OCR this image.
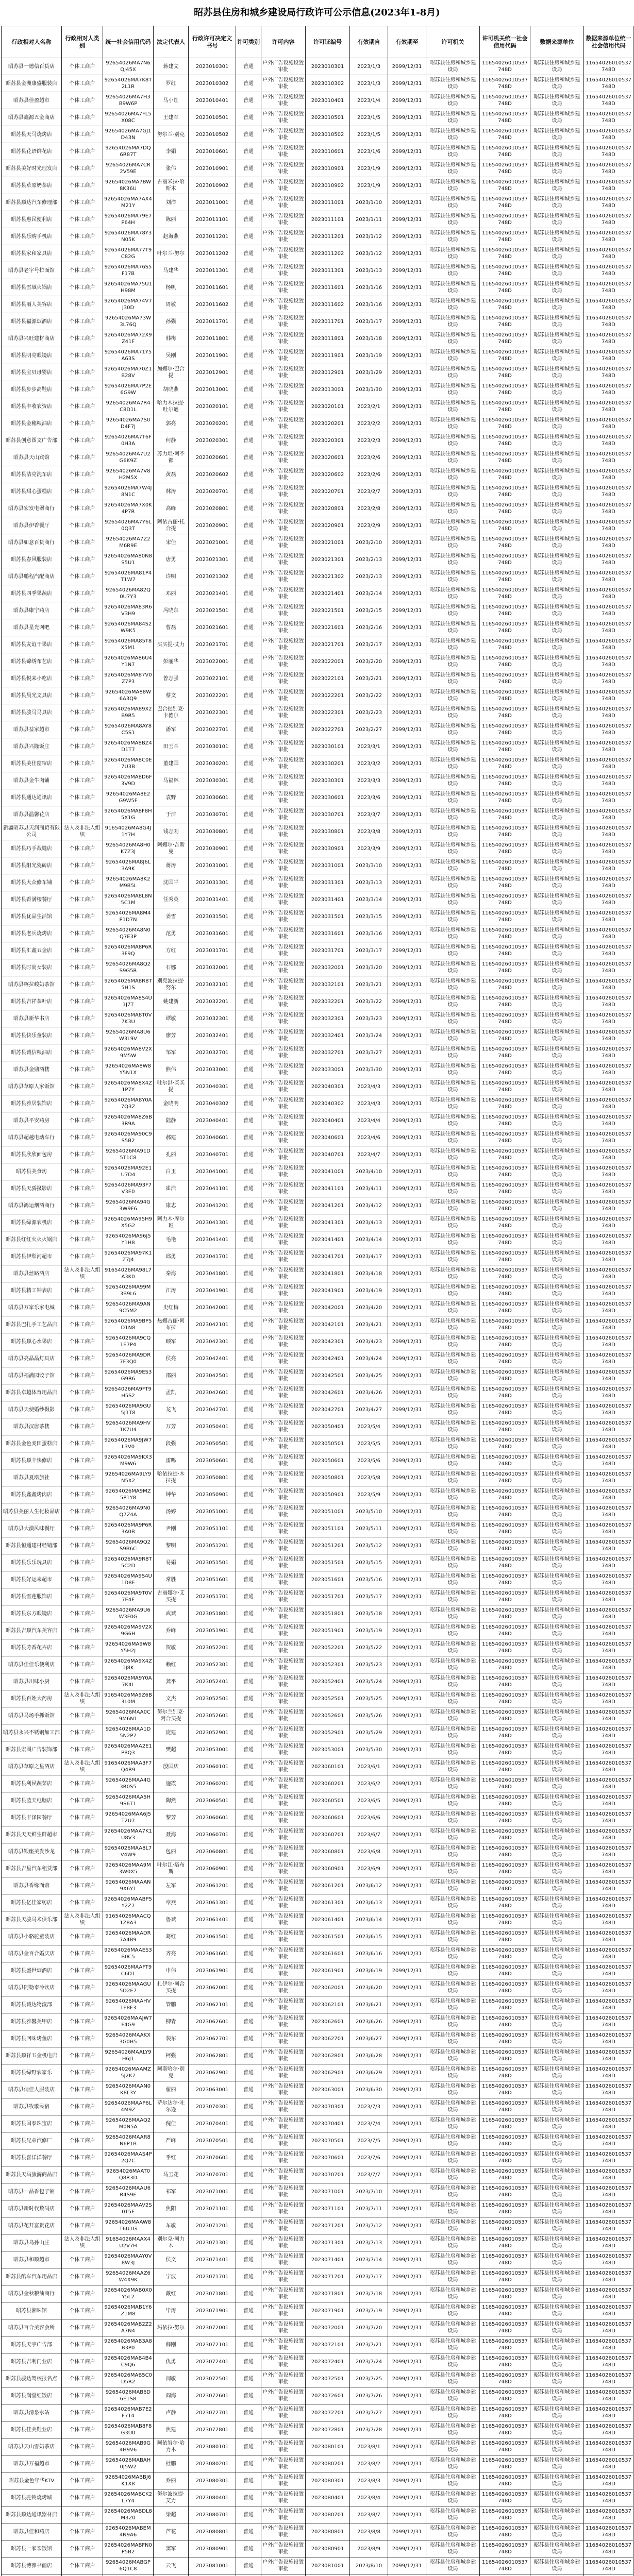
昭苏县住房和城乡建设局行政许可公示信息(2023年1-8月)
行政相对人名称	行政相对人类别	统一社会信用代码	法定代表人	行政许可决定文书号	许可类别	许可内容	许可证编号	有效期自	有效期至	许可机关	许可机关统一社会信用代码	数据来源单位	数据来源单位统一社会信用代码

昭苏县一德信百货店	个体工商户	92654026MA7N6QJ45X	蒋建文	2023010301	普通	户外广告设施设置审批	2023010301	2023/1/3	2099/12/31	昭苏县住房和城乡建设局	11654026010537748D	昭苏县住房和城乡建设局	11654026010537748D

昭苏县金洲康盛服装店	个体工商户	92654026MA7K8T2L1R	罗红	2023010302	普通	户外广告设施设置审批	2023010302	2023/1/3	2099/12/31	昭苏县住房和城乡建设局	11654026010537748D	昭苏县住房和城乡建设局	11654026010537748D

昭苏县佳盈超市	个体工商户	92654026MA7H3B9W6P	马小红	2023010401	普通	户外广告设施设置审批	2023010401	2023/1/4	2099/12/31	昭苏县住房和城乡建设局	11654026010537748D	昭苏县住房和城乡建设局	11654026010537748D

昭苏县鑫源五金商店	个体工商户	92654026MA7FL5X08C	王建军	2023010501	普通	户外广告设施设置审批	2023010501	2023/1/5	2099/12/31	昭苏县住房和城乡建设局	11654026010537748D	昭苏县住房和城乡建设局	11654026010537748D

昭苏县天马烧烤店	个体工商户	92654026MA7GJ1D43N	努尔兰·别克	2023010502	普通	户外广告设施设置审批	2023010502	2023/1/5	2099/12/31	昭苏县住房和城乡建设局	11654026010537748D	昭苏县住房和城乡建设局	11654026010537748D

昭苏县花语鲜花店	个体工商户	92654026MA7DQ6R87T	李娟	2023010601	普通	户外广告设施设置审批	2023010601	2023/1/6	2099/12/31	昭苏县住房和城乡建设局	11654026010537748D	昭苏县住房和城乡建设局	11654026010537748D

昭苏县美好时光理发店	个体工商户	92654026MA7CR2V59E	张伟	2023010901	普通	户外广告设施设置审批	2023010901	2023/1/9	2099/12/31	昭苏县住房和城乡建设局	11654026010537748D	昭苏县住房和城乡建设局	11654026010537748D

昭苏县草原奶茶店	个体工商户	92654026MA7BW8K36U	古丽米拉·哈斯木	2023010902	普通	户外广告设施设置审批	2023010902	2023/1/9	2099/12/31	昭苏县住房和城乡建设局	11654026010537748D	昭苏县住房和城乡建设局	11654026010537748D

昭苏县顺达汽车修理部	个体工商户	92654026MA7AX4M21Y	刘洋	2023011001	普通	户外广告设施设置审批	2023011001	2023/1/10	2099/12/31	昭苏县住房和城乡建设局	11654026010537748D	昭苏县住房和城乡建设局	11654026010537748D

昭苏县惠民便利店	个体工商户	92654026MA79E7P64H	陈丽	2023011101	普通	户外广告设施设置审批	2023011101	2023/1/11	2099/12/31	昭苏县住房和城乡建设局	11654026010537748D	昭苏县住房和城乡建设局	11654026010537748D

昭苏县乐购手机店	个体工商户	92654026MA78Y3N05K	赵海燕	2023011201	普通	户外广告设施设置审批	2023011201	2023/1/12	2099/12/31	昭苏县住房和城乡建设局	11654026010537748D	昭苏县住房和城乡建设局	11654026010537748D

昭苏县家和家具店	个体工商户	92654026MA77T9C82G	叶尔兰·努尔	2023011202	普通	户外广告设施设置审批	2023011202	2023/1/12	2099/12/31	昭苏县住房和城乡建设局	11654026010537748D	昭苏县住房和城乡建设局	11654026010537748D

昭苏县老字号拉面馆	个体工商户	92654026MA76S5F17B	马建华	2023011301	普通	户外广告设施设置审批	2023011301	2023/1/13	2099/12/31	昭苏县住房和城乡建设局	11654026010537748D	昭苏县住房和城乡建设局	11654026010537748D

昭苏县雪域火锅店	个体工商户	92654026MA75U1H98M	杨帆	2023011601	普通	户外广告设施设置审批	2023011601	2023/1/16	2099/12/31	昭苏县住房和城乡建设局	11654026010537748D	昭苏县住房和城乡建设局	11654026010537748D

昭苏县丽人美容店	个体工商户	92654026MA74V7J30D	周敏	2023011602	普通	户外广告设施设置审批	2023011602	2023/1/16	2099/12/31	昭苏县住房和城乡建设局	11654026010537748D	昭苏县住房和城乡建设局	11654026010537748D

昭苏县福源烟酒店	个体工商户	92654026MA73W3L76Q	孙强	2023011701	普通	户外广告设施设置审批	2023011701	2023/1/17	2099/12/31	昭苏县住房和城乡建设局	11654026010537748D	昭苏县住房和城乡建设局	11654026010537748D

昭苏县兴旺建材商店	个体工商户	92654026MA72X9Z41F	韩梅	2023011801	普通	户外广告设施设置审批	2023011801	2023/1/18	2099/12/31	昭苏县住房和城乡建设局	11654026010537748D	昭苏县住房和城乡建设局	11654026010537748D

昭苏县明亮眼镜店	个体工商户	92654026MA71Y5A63S	吴刚	2023011901	普通	户外广告设施设置审批	2023011901	2023/1/19	2099/12/31	昭苏县住房和城乡建设局	11654026010537748D	昭苏县住房和城乡建设局	11654026010537748D

昭苏县宝贝母婴店	个体工商户	92654026MA70Z1B28V	加娜尔·巴合提	2023012901	普通	户外广告设施设置审批	2023012901	2023/1/29	2099/12/31	昭苏县住房和城乡建设局	11654026010537748D	昭苏县住房和城乡建设局	11654026010537748D

昭苏县步步高鞋店	个体工商户	92654026MA7P2E6G9W	胡晓燕	2023013001	普通	户外广告设施设置审批	2023013001	2023/1/30	2099/12/31	昭苏县住房和城乡建设局	11654026010537748D	昭苏县住房和城乡建设局	11654026010537748D

昭苏县丰收农资店	个体工商户	92654026MA7R4C8D1L	哈力木拉提·吐尔逊	2023020101	普通	户外广告设施设置审批	2023020101	2023/2/1	2099/12/31	昭苏县住房和城乡建设局	11654026010537748D	昭苏县住房和城乡建设局	11654026010537748D

昭苏县金穗粮油店	个体工商户	92654026MA7S0D4F7J	郭亮	2023020201	普通	户外广告设施设置审批	2023020201	2023/2/2	2099/12/31	昭苏县住房和城乡建设局	11654026010537748D	昭苏县住房和城乡建设局	11654026010537748D

昭苏县创意图文广告部	个体工商户	92654026MA7T6F0H3A	何静	2023020301	普通	户外广告设施设置审批	2023020301	2023/2/3	2099/12/31	昭苏县住房和城乡建设局	11654026010537748D	昭苏县住房和城乡建设局	11654026010537748D

昭苏县天山宾馆	个体工商户	92654026MA7U2G6K9Z	苏力坦·阿不都	2023020601	普通	户外广告设施设置审批	2023020601	2023/2/6	2099/12/31	昭苏县住房和城乡建设局	11654026010537748D	昭苏县住房和城乡建设局	11654026010537748D

昭苏县洁亮洗车店	个体工商户	92654026MA7V8H2M5X	黄磊	2023020602	普通	户外广告设施设置审批	2023020602	2023/2/6	2099/12/31	昭苏县住房和城乡建设局	11654026010537748D	昭苏县住房和城乡建设局	11654026010537748D

昭苏县甜心蛋糕店	个体工商户	92654026MA7W4J8N1C	林涛	2023020701	普通	户外广告设施设置审批	2023020701	2023/2/7	2099/12/31	昭苏县住房和城乡建设局	11654026010537748D	昭苏县住房和城乡建设局	11654026010537748D

昭苏县宏发电器商行	个体工商户	92654026MA7X0K4P7R	高峰	2023020801	普通	户外广告设施设置审批	2023020801	2023/2/8	2099/12/31	昭苏县住房和城乡建设局	11654026010537748D	昭苏县住房和城乡建设局	11654026010537748D

昭苏县伊香餐厅	个体工商户	92654026MA7Y6L0Q3T	阿依古丽·托合提	2023020901	普通	户外广告设施设置审批	2023020901	2023/2/9	2099/12/31	昭苏县住房和城乡建设局	11654026010537748D	昭苏县住房和城乡建设局	11654026010537748D

昭苏县如意百货商行	个体工商户	92654026MA7Z2M6R9E	宋佳	2023021001	普通	户外广告设施设置审批	2023021001	2023/2/10	2099/12/31	昭苏县住房和城乡建设局	11654026010537748D	昭苏县住房和城乡建设局	11654026010537748D

昭苏县春风服装店	个体工商户	92654026MA80N8S5U1	唐勇	2023021301	普通	户外广告设施设置审批	2023021301	2023/2/13	2099/12/31	昭苏县住房和城乡建设局	11654026010537748D	昭苏县住房和城乡建设局	11654026010537748D

昭苏县鹏程汽配商店	个体工商户	92654026MA81P4T1W7	许明	2023021302	普通	户外广告设施设置审批	2023021302	2023/2/13	2099/12/31	昭苏县住房和城乡建设局	11654026010537748D	昭苏县住房和城乡建设局	11654026010537748D

昭苏县四季果蔬店	个体工商户	92654026MA82Q0U7Y3	邓丽	2023021401	普通	户外广告设施设置审批	2023021401	2023/2/14	2099/12/31	昭苏县住房和城乡建设局	11654026010537748D	昭苏县住房和城乡建设局	11654026010537748D

昭苏县康宁药店	个体工商户	92654026MA83R6V3H9	冯晓东	2023021501	普通	户外广告设施设置审批	2023021501	2023/2/15	2099/12/31	昭苏县住房和城乡建设局	11654026010537748D	昭苏县住房和城乡建设局	11654026010537748D

昭苏县星光网吧	个体工商户	92654026MA84S2W9K5	曹磊	2023021601	普通	户外广告设施设置审批	2023021601	2023/2/16	2099/12/31	昭苏县住房和城乡建设局	11654026010537748D	昭苏县住房和城乡建设局	11654026010537748D

昭苏县友谊干果店	个体工商户	92654026MA85T8X5M1	买买提·艾力	2023021701	普通	户外广告设施设置审批	2023021701	2023/2/17	2099/12/31	昭苏县住房和城乡建设局	11654026010537748D	昭苏县住房和城乡建设局	11654026010537748D

昭苏县锦绣布艺店	个体工商户	92654026MA86U4Y1N7	彭丽华	2023022001	普通	户外广告设施设置审批	2023022001	2023/2/20	2099/12/31	昭苏县住房和城乡建设局	11654026010537748D	昭苏县住房和城乡建设局	11654026010537748D

昭苏县悦来小吃店	个体工商户	92654026MA87V0Z7P3	曾志强	2023022101	普通	户外广告设施设置审批	2023022101	2023/2/21	2099/12/31	昭苏县住房和城乡建设局	11654026010537748D	昭苏县住房和城乡建设局	11654026010537748D

昭苏县晨光文具店	个体工商户	92654026MA88W6A3Q9	蔡文	2023022201	普通	户外广告设施设置审批	2023022201	2023/2/22	2099/12/31	昭苏县住房和城乡建设局	11654026010537748D	昭苏县住房和城乡建设局	11654026010537748D

昭苏县骏马马具店	个体工商户	92654026MA89X2B9R5	巴合提别克·卡德尔	2023022301	普通	户外广告设施设置审批	2023022301	2023/2/23	2099/12/31	昭苏县住房和城乡建设局	11654026010537748D	昭苏县住房和城乡建设局	11654026010537748D

昭苏县益家超市	个体工商户	92654026MA8AY8C5S1	潘军	2023022701	普通	户外广告设施设置审批	2023022701	2023/2/27	2099/12/31	昭苏县住房和城乡建设局	11654026010537748D	昭苏县住房和城乡建设局	11654026010537748D

昭苏县兴隆饭庄	个体工商户	92654026MA8BZ4D1T7	田玉兰	2023030101	普通	户外广告设施设置审批	2023030101	2023/3/1	2099/12/31	昭苏县住房和城乡建设局	11654026010537748D	昭苏县住房和城乡建设局	11654026010537748D

昭苏县美佳窗帘店	个体工商户	92654026MA8C0E7U3B	董建国	2023030201	普通	户外广告设施设置审批	2023030201	2023/3/2	2099/12/31	昭苏县住房和城乡建设局	11654026010537748D	昭苏县住房和城乡建设局	11654026010537748D

昭苏县金牛肉铺	个体工商户	92654026MA8D6F3V9D	马福林	2023030301	普通	户外广告设施设置审批	2023030301	2023/3/3	2099/12/31	昭苏县住房和城乡建设局	11654026010537748D	昭苏县住房和城乡建设局	11654026010537748D

昭苏县通达通讯店	个体工商户	92654026MA8E2G9W5F	袁野	2023030601	普通	户外广告设施设置审批	2023030601	2023/3/6	2099/12/31	昭苏县住房和城乡建设局	11654026010537748D	昭苏县住房和城乡建设局	11654026010537748D

昭苏县温馨花店	个体工商户	92654026MA8F8H5X1G	于洁	2023030701	普通	户外广告设施设置审批	2023030701	2023/3/7	2099/12/31	昭苏县住房和城乡建设局	11654026010537748D	昭苏县住房和城乡建设局	11654026010537748D

新疆昭苏县天润商贸有限公司	法人及非法人组织	91654026MA8G4J1Y7H	钱志刚	2023030801	普通	户外广告设施设置审批	2023030801	2023/3/8	2099/12/31	昭苏县住房和城乡建设局	11654026010537748D	昭苏县住房和城乡建设局	11654026010537748D

昭苏县巧手裁缝店	个体工商户	92654026MA8H0K7Z3J	阿娜尔·吾斯曼	2023030901	普通	户外广告设施设置审批	2023030901	2023/3/9	2099/12/31	昭苏县住房和城乡建设局	11654026010537748D	昭苏县住房和城乡建设局	11654026010537748D

昭苏县阳光瓷砖店	个体工商户	92654026MA8J6L3A9K	蒋涛	2023031001	普通	户外广告设施设置审批	2023031001	2023/3/10	2099/12/31	昭苏县住房和城乡建设局	11654026010537748D	昭苏县住房和城乡建设局	11654026010537748D

昭苏县大众修车铺	个体工商户	92654026MA8K2M9B5L	沈国平	2023031301	普通	户外广告设施设置审批	2023031301	2023/3/13	2099/12/31	昭苏县住房和城乡建设局	11654026010537748D	昭苏县住房和城乡建设局	11654026010537748D

昭苏县香满楼餐厅	个体工商户	92654026MA8L8N5C1M	任秀英	2023031401	普通	户外广告设施设置审批	2023031401	2023/3/14	2099/12/31	昭苏县住房和城乡建设局	11654026010537748D	昭苏县住房和城乡建设局	11654026010537748D

昭苏县优品生活馆	个体工商户	92654026MA8M4P1D7N	姜雪	2023031501	普通	户外广告设施设置审批	2023031501	2023/3/15	2099/12/31	昭苏县住房和城乡建设局	11654026010537748D	昭苏县住房和城乡建设局	11654026010537748D

昭苏县老兵烧烤店	个体工商户	92654026MA8N0Q7E3P	范勇	2023031601	普通	户外广告设施设置审批	2023031601	2023/3/16	2099/12/31	昭苏县住房和城乡建设局	11654026010537748D	昭苏县住房和城乡建设局	11654026010537748D

昭苏县汇鑫五金店	个体工商户	92654026MA8P6R3F9Q	方红	2023031701	普通	户外广告设施设置审批	2023031701	2023/3/17	2099/12/31	昭苏县住房和城乡建设局	11654026010537748D	昭苏县住房和城乡建设局	11654026010537748D

昭苏县时尚女装店	个体工商户	92654026MA8Q2S9G5R	石娜	2023032001	普通	户外广告设施设置审批	2023032001	2023/3/20	2099/12/31	昭苏县住房和城乡建设局	11654026010537748D	昭苏县住房和城乡建设局	11654026010537748D

昭苏县喀拉峻奶茶馆	个体工商户	92654026MA8R8T5H1S	别克波拉提·努尔	2023032101	普通	户外广告设施设置审批	2023032101	2023/3/21	2099/12/31	昭苏县住房和城乡建设局	11654026010537748D	昭苏县住房和城乡建设局	11654026010537748D

昭苏县吉祥茶叶店	个体工商户	92654026MA8S4U1J7T	姚建新	2023032201	普通	户外广告设施设置审批	2023032201	2023/3/22	2099/12/31	昭苏县住房和城乡建设局	11654026010537748D	昭苏县住房和城乡建设局	11654026010537748D

昭苏县新华书店	个体工商户	92654026MA8T0V7K3U	谭敏	2023032301	普通	户外广告设施设置审批	2023032301	2023/3/23	2099/12/31	昭苏县住房和城乡建设局	11654026010537748D	昭苏县住房和城乡建设局	11654026010537748D

昭苏县快乐童装店	个体工商户	92654026MA8U6W3L9V	廖芳	2023032401	普通	户外广告设施设置审批	2023032401	2023/3/24	2099/12/31	昭苏县住房和城乡建设局	11654026010537748D	昭苏县住房和城乡建设局	11654026010537748D

昭苏县诚信粮油店	个体工商户	92654026MA8V2X9M5W	邹军	2023032701	普通	户外广告设施设置审批	2023032701	2023/3/27	2099/12/31	昭苏县住房和城乡建设局	11654026010537748D	昭苏县住房和城乡建设局	11654026010537748D

昭苏县金鼎酒楼	个体工商户	92654026MA8W8Y5N1X	熊伟	2023033001	普通	户外广告设施设置审批	2023033001	2023/3/30	2099/12/31	昭苏县住房和城乡建设局	11654026010537748D	昭苏县住房和城乡建设局	11654026010537748D

昭苏县草原人家饭馆	个体工商户	92654026MA8X4Z1P7Y	吐尔洪·买买提	2023040301	普通	户外广告设施设置审批	2023040301	2023/4/3	2099/12/31	昭苏县住房和城乡建设局	11654026010537748D	昭苏县住房和城乡建设局	11654026010537748D

昭苏县雅居装饰店	个体工商户	92654026MA8Y0A7Q3Z	金晓明	2023040302	普通	户外广告设施设置审批	2023040302	2023/4/3	2099/12/31	昭苏县住房和城乡建设局	11654026010537748D	昭苏县住房和城乡建设局	11654026010537748D

昭苏县平安药房	个体工商户	92654026MA8Z6B3R9A	陆静	2023040401	普通	户外广告设施设置审批	2023040401	2023/4/4	2099/12/31	昭苏县住房和城乡建设局	11654026010537748D	昭苏县住房和城乡建设局	11654026010537748D

昭苏县超越电动车行	个体工商户	92654026MA90C9S5B2	郝建	2023040601	普通	户外广告设施设置审批	2023040601	2023/4/6	2099/12/31	昭苏县住房和城乡建设局	11654026010537748D	昭苏县住房和城乡建设局	11654026010537748D

昭苏县欣欣面包房	个体工商户	92654026MA91D5T1C8	孔丽	2023040701	普通	户外广告设施设置审批	2023040701	2023/4/7	2099/12/31	昭苏县住房和城乡建设局	11654026010537748D	昭苏县住房和城乡建设局	11654026010537748D

昭苏县美食坊	个体工商户	92654026MA92E1U7D4	白玉	2023041001	普通	户外广告设施设置审批	2023041001	2023/4/10	2099/12/31	昭苏县住房和城乡建设局	11654026010537748D	昭苏县住房和城乡建设局	11654026010537748D

昭苏县天骄摄影店	个体工商户	92654026MA93F7V3E0	崔浩	2023041101	普通	户外广告设施设置审批	2023041101	2023/4/11	2099/12/31	昭苏县住房和城乡建设局	11654026010537748D	昭苏县住房和城乡建设局	11654026010537748D

昭苏县鸿运烟酒商行	个体工商户	92654026MA94G3W9F6	康志	2023041201	普通	户外广告设施设置审批	2023041201	2023/4/12	2099/12/31	昭苏县住房和城乡建设局	11654026010537748D	昭苏县住房和城乡建设局	11654026010537748D

昭苏县绿源农机店	个体工商户	92654026MA95H9X5G2	阿力木·库尔班	2023041301	普通	户外广告设施设置审批	2023041301	2023/4/13	2099/12/31	昭苏县住房和城乡建设局	11654026010537748D	昭苏县住房和城乡建设局	11654026010537748D

昭苏县红红火火火锅店	个体工商户	92654026MA96J5Y1H8	毛艳	2023041401	普通	户外广告设施设置审批	2023041401	2023/4/14	2099/12/31	昭苏县住房和城乡建设局	11654026010537748D	昭苏县住房和城乡建设局	11654026010537748D

昭苏县伊犁河超市	个体工商户	92654026MA97K1Z7J4	邱勇	2023041701	普通	户外广告设施设置审批	2023041701	2023/4/17	2099/12/31	昭苏县住房和城乡建设局	11654026010537748D	昭苏县住房和城乡建设局	11654026010537748D

昭苏县丝路酒店	法人及非法人组织	91654026MA98L7A3K0	秦海	2023041801	普通	户外广告设施设置审批	2023041801	2023/4/18	2099/12/31	昭苏县住房和城乡建设局	11654026010537748D	昭苏县住房和城乡建设局	11654026010537748D

昭苏县精工钟表店	个体工商户	92654026MA99M3B9L6	江涛	2023041901	普通	户外广告设施设置审批	2023041901	2023/4/19	2099/12/31	昭苏县住房和城乡建设局	11654026010537748D	昭苏县住房和城乡建设局	11654026010537748D

昭苏县万家乐家电城	个体工商户	92654026MA9AN9C5M2	史红梅	2023042001	普通	户外广告设施设置审批	2023042001	2023/4/20	2099/12/31	昭苏县住房和城乡建设局	11654026010537748D	昭苏县住房和城乡建设局	11654026010537748D

昭苏县巴扎手工艺品店	个体工商户	92654026MA9BP5D1N8	热娜古丽·阿布拉	2023042101	普通	户外广告设施设置审批	2023042101	2023/4/21	2099/12/31	昭苏县住房和城乡建设局	11654026010537748D	昭苏县住房和城乡建设局	11654026010537748D

昭苏县顺心水果店	个体工商户	92654026MA9CQ1E7P4	顾军	2023042301	普通	户外广告设施设置审批	2023042301	2023/4/23	2099/12/31	昭苏县住房和城乡建设局	11654026010537748D	昭苏县住房和城乡建设局	11654026010537748D

昭苏县亮晶晶灯具店	个体工商户	92654026MA9DR7F3Q0	侯亮	2023042401	普通	户外广告设施设置审批	2023042401	2023/4/24	2099/12/31	昭苏县住房和城乡建设局	11654026010537748D	昭苏县住房和城乡建设局	11654026010537748D

昭苏县福满园饺子馆	个体工商户	92654026MA9ES3G9R6	邵丽	2023042501	普通	户外广告设施设置审批	2023042501	2023/4/25	2099/12/31	昭苏县住房和城乡建设局	11654026010537748D	昭苏县住房和城乡建设局	11654026010537748D

昭苏县卓越体育用品店	个体工商户	92654026MA9FT9H5S2	孟凯	2023042601	普通	户外广告设施设置审批	2023042601	2023/4/26	2099/12/31	昭苏县住房和城乡建设局	11654026010537748D	昭苏县住房和城乡建设局	11654026010537748D

昭苏县天使婚纱摄影	个体工商户	92654026MA9GU5J1T8	龙飞	2023042701	普通	户外广告设施设置审批	2023042701	2023/4/27	2099/12/31	昭苏县住房和城乡建设局	11654026010537748D	昭苏县住房和城乡建设局	11654026010537748D

昭苏县汉唐茶楼	个体工商户	92654026MA9HV1K7U4	万芳	2023050401	普通	户外广告设施设置审批	2023050401	2023/5/4	2099/12/31	昭苏县住房和城乡建设局	11654026010537748D	昭苏县住房和城乡建设局	11654026010537748D

昭苏县金色麦田蛋糕店	个体工商户	92654026MA9JW7L3V0	段强	2023050501	普通	户外广告设施设置审批	2023050501	2023/5/5	2099/12/31	昭苏县住房和城乡建设局	11654026010537748D	昭苏县住房和城乡建设局	11654026010537748D

昭苏县顺丰快修店	个体工商户	92654026MA9KX3M9W6	雷鸣	2023050601	普通	户外广告设施设置审批	2023050601	2023/5/6	2099/12/31	昭苏县住房和城乡建设局	11654026010537748D	昭苏县住房和城乡建设局	11654026010537748D

昭苏县夏塔旅社	个体工商户	92654026MA9LY9N5X2	哈依拉提·木拉提	2023050801	普通	户外广告设施设置审批	2023050801	2023/5/8	2099/12/31	昭苏县住房和城乡建设局	11654026010537748D	昭苏县住房和城乡建设局	11654026010537748D

昭苏县鑫鑫烤肉店	个体工商户	92654026MA9MZ5P1Y8	钟华	2023050901	普通	户外广告设施设置审批	2023050901	2023/5/9	2099/12/31	昭苏县住房和城乡建设局	11654026010537748D	昭苏县住房和城乡建设局	11654026010537748D

昭苏县美丽人生化妆品店	个体工商户	92654026MA9N0Q7Z4A	汤婷	2023051001	普通	户外广告设施设置审批	2023051001	2023/5/10	2099/12/31	昭苏县住房和城乡建设局	11654026010537748D	昭苏县住房和城乡建设局	11654026010537748D

昭苏县大漠风味餐厅	个体工商户	92654026MA9P6R3A0B	尹刚	2023051101	普通	户外广告设施设置审批	2023051101	2023/5/11	2099/12/31	昭苏县住房和城乡建设局	11654026010537748D	昭苏县住房和城乡建设局	11654026010537748D

昭苏县恒通建材经销部	个体工商户	92654026MA9Q2S9B6C	黎明	2023051201	普通	户外广告设施设置审批	2023051201	2023/5/12	2099/12/31	昭苏县住房和城乡建设局	11654026010537748D	昭苏县住房和城乡建设局	11654026010537748D

昭苏县乐乐玩具店	个体工商户	92654026MA9R8T5C2D	易娟	2023051501	普通	户外广告设施设置审批	2023051501	2023/5/15	2099/12/31	昭苏县住房和城乡建设局	11654026010537748D	昭苏县住房和城乡建设局	11654026010537748D

昭苏县好运来超市	个体工商户	92654026MA9S4U1D8E	常胜	2023051601	普通	户外广告设施设置审批	2023051601	2023/5/16	2099/12/31	昭苏县住房和城乡建设局	11654026010537748D	昭苏县住房和城乡建设局	11654026010537748D

昭苏县雪莲服饰店	个体工商户	92654026MA9T0V7E4F	古丽娜尔·艾买提	2023051701	普通	户外广告设施设置审批	2023051701	2023/5/17	2099/12/31	昭苏县住房和城乡建设局	11654026010537748D	昭苏县住房和城乡建设局	11654026010537748D

昭苏县东方眼镜店	个体工商户	92654026MA9U6W3F0G	武斌	2023051801	普通	户外广告设施设置审批	2023051801	2023/5/18	2099/12/31	昭苏县住房和城乡建设局	11654026010537748D	昭苏县住房和城乡建设局	11654026010537748D

昭苏县吉顺汽车美容店	个体工商户	92654026MA9V2X9G6H	乔峰	2023051901	普通	户外广告设施设置审批	2023051901	2023/5/19	2099/12/31	昭苏县住房和城乡建设局	11654026010537748D	昭苏县住房和城乡建设局	11654026010537748D

昭苏县芳香花卉店	个体工商户	92654026MA9W8Y5H2J	贺敏	2023052201	普通	户外广告设施设置审批	2023052201	2023/5/22	2099/12/31	昭苏县住房和城乡建设局	11654026010537748D	昭苏县住房和城乡建设局	11654026010537748D

昭苏县佳佳乐便利店	个体工商户	92654026MA9X4Z1J8K	赖红	2023052301	普通	户外广告设施设置审批	2023052301	2023/5/23	2099/12/31	昭苏县住房和城乡建设局	11654026010537748D	昭苏县住房和城乡建设局	11654026010537748D

昭苏县川味小厨	个体工商户	92654026MA9Y0A7K4L	龚平	2023052401	普通	户外广告设施设置审批	2023052401	2023/5/24	2099/12/31	昭苏县住房和城乡建设局	11654026010537748D	昭苏县住房和城乡建设局	11654026010537748D

昭苏县百姓大药房	法人及非法人组织	91654026MA9Z6B3L0M	文杰	2023052501	普通	户外广告设施设置审批	2023052501	2023/5/25	2099/12/31	昭苏县住房和城乡建设局	11654026010537748D	昭苏县住房和城乡建设局	11654026010537748D

昭苏县马场手抓饭馆	个体工商户	92654026MAA0C9M6N1	努尔兰别克·阿合买提	2023052601	普通	户外广告设施设置审批	2023052601	2023/5/26	2099/12/31	昭苏县住房和城乡建设局	11654026010537748D	昭苏县住房和城乡建设局	11654026010537748D

昭苏县永兴不锈钢加工部	个体工商户	92654026MAA1D5N2P7	庞建	2023052901	普通	户外广告设施设置审批	2023052901	2023/5/29	2099/12/31	昭苏县住房和城乡建设局	11654026010537748D	昭苏县住房和城乡建设局	11654026010537748D

昭苏县宏图广告装饰部	个体工商户	92654026MAA2E1P8Q3	樊超	2023053001	普通	户外广告设施设置审批	2023053001	2023/5/30	2099/12/31	昭苏县住房和城乡建设局	11654026010537748D	昭苏县住房和城乡建设局	11654026010537748D

昭苏县草原之星酒店	法人及非法人组织	91654026MAA3F7Q4R9	殷国庆	2023060101	普通	户外广告设施设置审批	2023060101	2023/6/1	2099/12/31	昭苏县住房和城乡建设局	11654026010537748D	昭苏县住房和城乡建设局	11654026010537748D

昭苏县利民蔬菜店	个体工商户	92654026MAA4G3R0S5	施霞	2023060201	普通	户外广告设施设置审批	2023060201	2023/6/2	2099/12/31	昭苏县住房和城乡建设局	11654026010537748D	昭苏县住房和城乡建设局	11654026010537748D

昭苏县蓝天电脑店	个体工商户	92654026MAA5H9S6T1	陶然	2023060501	普通	户外广告设施设置审批	2023060501	2023/6/5	2099/12/31	昭苏县住房和城乡建设局	11654026010537748D	昭苏县住房和城乡建设局	11654026010537748D

昭苏县丰泽园餐厅	个体工商户	92654026MAA6J5T2U7	黎芳	2023060601	普通	户外广告设施设置审批	2023060601	2023/6/6	2099/12/31	昭苏县住房和城乡建设局	11654026010537748D	昭苏县住房和城乡建设局	11654026010537748D

昭苏县天天鲜生鲜超市	个体工商户	92654026MAA7K1U8V3	聂海	2023060701	普通	户外广告设施设置审批	2023060701	2023/6/7	2099/12/31	昭苏县住房和城乡建设局	11654026010537748D	昭苏县住房和城乡建设局	11654026010537748D

昭苏县银座美发沙龙	个体工商户	92654026MAA8L7V4W9	包丽	2023060801	普通	户外广告设施设置审批	2023060801	2023/6/8	2099/12/31	昭苏县住房和城乡建设局	11654026010537748D	昭苏县住房和城乡建设局	11654026010537748D

昭苏县吉星汽车租赁部	个体工商户	92654026MAA9M3W0X5	叶尔江·塔布斯	2023060901	普通	户外广告设施设置审批	2023060901	2023/6/9	2099/12/31	昭苏县住房和城乡建设局	11654026010537748D	昭苏县住房和城乡建设局	11654026010537748D

昭苏县香缘面馆	个体工商户	92654026MAAAN9X6Y1	左军	2023061201	普通	户外广告设施设置审批	2023061201	2023/6/12	2099/12/31	昭苏县住房和城乡建设局	11654026010537748D	昭苏县住房和城乡建设局	11654026010537748D

昭苏县亿佳家纺店	个体工商户	92654026MAABP5Y2Z7	章燕	2023061301	普通	户外广告设施设置审批	2023061301	2023/6/13	2099/12/31	昭苏县住房和城乡建设局	11654026010537748D	昭苏县住房和城乡建设局	11654026010537748D

昭苏县天骏马术俱乐部	法人及非法人组织	91654026MAACQ1Z8A3	鲁斌	2023061401	普通	户外广告设施设置审批	2023061401	2023/6/14	2099/12/31	昭苏县住房和城乡建设局	11654026010537748D	昭苏县住房和城乡建设局	11654026010537748D

昭苏县小骆驼童装店	个体工商户	92654026MAADR7A4B9	葛红	2023061501	普通	户外广告设施设置审批	2023061501	2023/6/15	2099/12/31	昭苏县住房和城乡建设局	11654026010537748D	昭苏县住房和城乡建设局	11654026010537748D

昭苏县金百合婚庆店	个体工商户	92654026MAAES3B0C5	齐亮	2023061601	普通	户外广告设施设置审批	2023061601	2023/6/16	2099/12/31	昭苏县住房和城乡建设局	11654026010537748D	昭苏县住房和城乡建设局	11654026010537748D

昭苏县盛世烟酒店	个体工商户	92654026MAAFT9C6D1	申伟	2023061901	普通	户外广告设施设置审批	2023061901	2023/6/19	2099/12/31	昭苏县住房和城乡建设局	11654026010537748D	昭苏县住房和城乡建设局	11654026010537748D

昭苏县阿勒泰冷饮店	个体工商户	92654026MAAGU5D2E7	扎伊尔·阿合买提	2023062001	普通	户外广告设施设置审批	2023062001	2023/6/20	2099/12/31	昭苏县住房和城乡建设局	11654026010537748D	昭苏县住房和城乡建设局	11654026010537748D

昭苏县诚达物流部	个体工商户	92654026MAAHV1E8F3	管鹏	2023062101	普通	户外广告设施设置审批	2023062101	2023/6/21	2099/12/31	昭苏县住房和城乡建设局	11654026010537748D	昭苏县住房和城乡建设局	11654026010537748D

昭苏县雅馨美甲店	个体工商户	92654026MAAJW7F4G9	柳青	2023062601	普通	户外广告设施设置审批	2023062601	2023/6/26	2099/12/31	昭苏县住房和城乡建设局	11654026010537748D	昭苏县住房和城乡建设局	11654026010537748D

昭苏县回味烤鱼店	个体工商户	92654026MAAKX3G0H5	裴东	2023062701	普通	户外广告设施设置审批	2023062701	2023/6/27	2099/12/31	昭苏县住房和城乡建设局	11654026010537748D	昭苏县住房和城乡建设局	11654026010537748D

昭苏县顺祥五金机电店	个体工商户	92654026MAALY9H6J1	柯强	2023062801	普通	户外广告设施设置审批	2023062801	2023/6/28	2099/12/31	昭苏县住房和城乡建设局	11654026010537748D	昭苏县住房和城乡建设局	11654026010537748D

昭苏县绿野农家乐	个体工商户	92654026MAAMZ5J2K7	阿斯哈尔·别克	2023062901	普通	户外广告设施设置审批	2023062901	2023/6/29	2099/12/31	昭苏县住房和城乡建设局	11654026010537748D	昭苏县住房和城乡建设局	11654026010537748D

昭苏县俏佳人服装店	个体工商户	92654026MAAN0K8L3Y	翟丽	2023063001	普通	户外广告设施设置审批	2023063001	2023/6/30	2099/12/31	昭苏县住房和城乡建设局	11654026010537748D	昭苏县住房和城乡建设局	11654026010537748D

昭苏县牧歌民宿	个体工商户	92654026MAAP6L4M9Z	萨尔达尔·吐尔逊	2023070301	普通	户外广告设施设置审批	2023070301	2023/7/3	2099/12/31	昭苏县住房和城乡建设局	11654026010537748D	昭苏县住房和城乡建设局	11654026010537748D

昭苏县国泰珠宝店	个体工商户	92654026MAAQ2M0N5A	倪佳	2023070401	普通	户外广告设施设置审批	2023070401	2023/7/4	2099/12/31	昭苏县住房和城乡建设局	11654026010537748D	昭苏县住房和城乡建设局	11654026010537748D

昭苏县兄弟汽修厂	个体工商户	92654026MAAR8N6P1B	严峰	2023070501	普通	户外广告设施设置审批	2023070501	2023/7/5	2099/12/31	昭苏县住房和城乡建设局	11654026010537748D	昭苏县住房和城乡建设局	11654026010537748D

昭苏县喜洋洋餐厅	个体工商户	92654026MAAS4P2Q7C	季红	2023070601	普通	户外广告设施设置审批	2023070601	2023/7/6	2099/12/31	昭苏县住房和城乡建设局	11654026010537748D	昭苏县住房和城乡建设局	11654026010537748D

昭苏县天马旅游商品店	个体工商户	92654026MAAT0Q8R3D	马玉花	2023070701	普通	户外广告设施设置审批	2023070701	2023/7/7	2099/12/31	昭苏县住房和城乡建设局	11654026010537748D	昭苏县住房和城乡建设局	11654026010537748D

昭苏县一品香包子铺	个体工商户	92654026MAAU6R4S9E	祁军	2023071001	普通	户外广告设施设置审批	2023071001	2023/7/10	2099/12/31	昭苏县住房和城乡建设局	11654026010537748D	昭苏县住房和城乡建设局	11654026010537748D

昭苏县新时代数码店	个体工商户	92654026MAAV2S0T5F	焦阳	2023071101	普通	户外广告设施设置审批	2023071101	2023/7/11	2099/12/31	昭苏县住房和城乡建设局	11654026010537748D	昭苏县住房和城乡建设局	11654026010537748D

昭苏县花开富贵花店	个体工商户	92654026MAAW8T6U1G	车敏	2023071201	普通	户外广告设施设置审批	2023071201	2023/7/12	2099/12/31	昭苏县住房和城乡建设局	11654026010537748D	昭苏县住房和城乡建设局	11654026010537748D

昭苏县乌孙山庄	法人及非法人组织	91654026MAAX4U2V7H	别尔克·阿力木	2023071301	普通	户外广告设施设置审批	2023071301	2023/7/13	2099/12/31	昭苏县住房和城乡建设局	11654026010537748D	昭苏县住房和城乡建设局	11654026010537748D

昭苏县和顺超市	个体工商户	92654026MAAY0V8W3J	侯文	2023071401	普通	户外广告设施设置审批	2023071401	2023/7/14	2099/12/31	昭苏县住房和城乡建设局	11654026010537748D	昭苏县住房和城乡建设局	11654026010537748D

昭苏县酷车汽车用品店	个体工商户	92654026MAAZ6W4X9K	宁波	2023071701	普通	户外广告设施设置审批	2023071701	2023/7/17	2099/12/31	昭苏县住房和城乡建设局	11654026010537748D	昭苏县住房和城乡建设局	11654026010537748D

昭苏县金秋粮油商行	个体工商户	92654026MAB0X0Y5L2	戴红	2023071801	普通	户外广告设施设置审批	2023071801	2023/7/18	2099/12/31	昭苏县住房和城乡建设局	11654026010537748D	昭苏县住房和城乡建设局	11654026010537748D

昭苏县湘味馆	个体工商户	92654026MAB1Y6Z1M8	毕涛	2023071901	普通	户外广告设施设置审批	2023071901	2023/7/19	2099/12/31	昭苏县住房和城乡建设局	11654026010537748D	昭苏县住房和城乡建设局	11654026010537748D

昭苏县百合美容会所	个体工商户	92654026MAB2Z2A7N4	玛依拉·努尔	2023072001	普通	户外广告设施设置审批	2023072001	2023/7/20	2099/12/31	昭苏县住房和城乡建设局	11654026010537748D	昭苏县住房和城乡建设局	11654026010537748D

昭苏县天宇广告部	个体工商户	92654026MAB3A8B3P0	薛刚	2023072101	普通	户外广告设施设置审批	2023072101	2023/7/21	2099/12/31	昭苏县住房和城乡建设局	11654026010537748D	昭苏县住房和城乡建设局	11654026010537748D

昭苏县吉利门业店	个体工商户	92654026MAB4B4C9Q6	仇勇	2023072401	普通	户外广告设施设置审批	2023072401	2023/7/24	2099/12/31	昭苏县住房和城乡建设局	11654026010537748D	昭苏县住房和城乡建设局	11654026010537748D

昭苏县骏达驾校报名点	个体工商户	92654026MAB5C0D5R2	闫敏	2023072501	普通	户外广告设施设置审批	2023072501	2023/7/25	2099/12/31	昭苏县住房和城乡建设局	11654026010537748D	昭苏县住房和城乡建设局	11654026010537748D

昭苏县满堂红饭店	个体工商户	92654026MAB6D6E1S8	阎海	2023072601	普通	户外广告设施设置审批	2023072601	2023/7/26	2099/12/31	昭苏县住房和城乡建设局	11654026010537748D	昭苏县住房和城乡建设局	11654026010537748D

昭苏县清泉水站	个体工商户	92654026MAB7E2F7T4	卢静	2023072701	普通	户外广告设施设置审批	2023072701	2023/7/27	2099/12/31	昭苏县住房和城乡建设局	11654026010537748D	昭苏县住房和城乡建设局	11654026010537748D

昭苏县佳美鞋业店	个体工商户	92654026MAB8F8G3U0	焦建	2023072801	普通	户外广告设施设置审批	2023072801	2023/7/28	2099/12/31	昭苏县住房和城乡建设局	11654026010537748D	昭苏县住房和城乡建设局	11654026010537748D

昭苏县天山雪奶茶店	个体工商户	92654026MAB9G4H9V6	阿依努尔·哈力木	2023080101	普通	户外广告设施设置审批	2023080101	2023/8/1	2099/12/31	昭苏县住房和城乡建设局	11654026010537748D	昭苏县住房和城乡建设局	11654026010537748D

昭苏县万福超市	个体工商户	92654026MABAH0J5W2	杜鹏	2023080201	普通	户外广告设施设置审批	2023080201	2023/8/2	2099/12/31	昭苏县住房和城乡建设局	11654026010537748D	昭苏县住房和城乡建设局	11654026010537748D

昭苏县金色年华KTV	个体工商户	92654026MABBJ6K1X8	乔丽	2023080301	普通	户外广告设施设置审批	2023080301	2023/8/3	2099/12/31	昭苏县住房和城乡建设局	11654026010537748D	昭苏县住房和城乡建设局	11654026010537748D

昭苏县驼铃烧烤城	个体工商户	92654026MABCK2L7Y4	努尔波拉提·艾力	2023080401	普通	户外广告设施设置审批	2023080401	2023/8/4	2099/12/31	昭苏县住房和城乡建设局	11654026010537748D	昭苏县住房和城乡建设局	11654026010537748D

昭苏县顺达通讯器材店	个体工商户	92654026MABDL8M3Z0	梁超	2023080701	普通	户外广告设施设置审批	2023080701	2023/8/7	2099/12/31	昭苏县住房和城乡建设局	11654026010537748D	昭苏县住房和城乡建设局	11654026010537748D

昭苏县佳和药店	个体工商户	92654026MABEM4N9A6	芦花	2023080801	普通	户外广告设施设置审批	2023080801	2023/8/8	2099/12/31	昭苏县住房和城乡建设局	11654026010537748D	昭苏县住房和城乡建设局	11654026010537748D

昭苏县一家亲饭馆	个体工商户	92654026MABFN0P5B2	窦军	2023080901	普通	户外广告设施设置审批	2023080901	2023/8/9	2099/12/31	昭苏县住房和城乡建设局	11654026010537748D	昭苏县住房和城乡建设局	11654026010537748D

昭苏县博雅书画店	个体工商户	92654026MABGP6Q1C8	云飞	2023081001	普通	户外广告设施设置审批	2023081001	2023/8/10	2099/12/31	昭苏县住房和城乡建设局	11654026010537748D	昭苏县住房和城乡建设局	11654026010537748D
